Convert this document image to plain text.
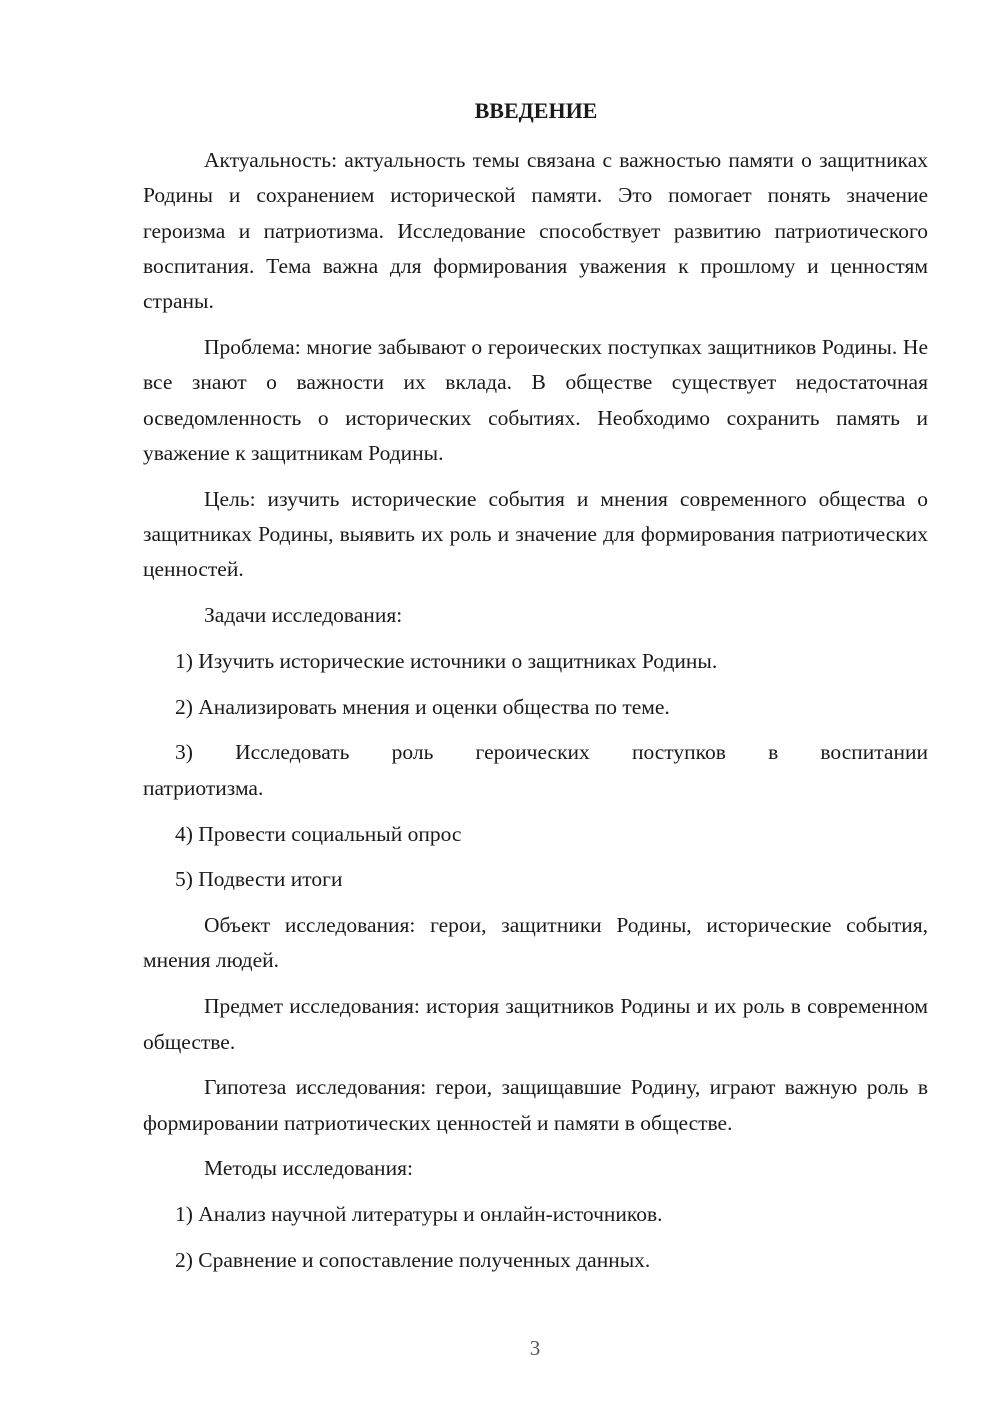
ВВЕДЕНИЕ

Актуальность: актуальность темы связана с важностью памяти о защитниках Родины и сохранением исторической памяти. Это помогает понять значение героизма и патриотизма. Исследование способствует развитию патриотического воспитания. Тема важна для формирования уважения к прошлому и ценностям страны.

Проблема: многие забывают о героических поступках защитников Родины. Не все знают о важности их вклада. В обществе существует недостаточная осведомленность о исторических событиях. Необходимо сохранить память и уважение к защитникам Родины.

Цель: изучить исторические события и мнения современного общества о защитниках Родины, выявить их роль и значение для формирования патриотических ценностей.

Задачи исследования:

1) Изучить исторические источники о защитниках Родины.

2) Анализировать мнения и оценки общества по теме.

3) Исследовать роль героических поступков в воспитании патриотизма.

4) Провести социальный опрос

5) Подвести итоги

Объект исследования: герои, защитники Родины, исторические события, мнения людей.

Предмет исследования: история защитников Родины и их роль в современном обществе.

Гипотеза исследования: герои, защищавшие Родину, играют важную роль в формировании патриотических ценностей и памяти в обществе.

Методы исследования:

1) Анализ научной литературы и онлайн-источников.

2) Сравнение и сопоставление полученных данных.

3
